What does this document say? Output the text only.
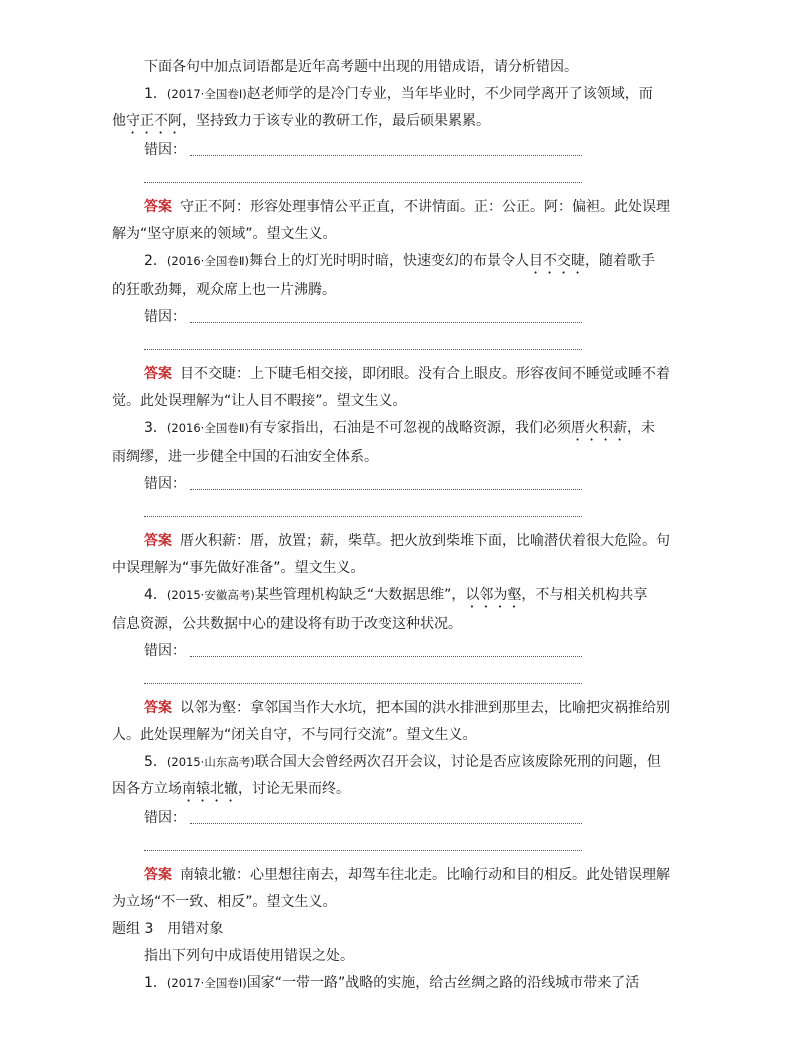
下面各句中加点词语都是近年高考题中出现的用错成语，请分析错因。
1．(2017·全国卷Ⅰ)赵老师学的是冷门专业，当年毕业时，不少同学离开了该领域，而
他守正不阿，坚持致力于该专业的教研工作，最后硕果累累。
错因：
答案 守正不阿：形容处理事情公平正直，不讲情面。正：公正。阿：偏袒。此处误理
解为“坚守原来的领域”。望文生义。
2．(2016·全国卷Ⅱ)舞台上的灯光时明时暗，快速变幻的布景令人目不交睫，随着歌手
的狂歌劲舞，观众席上也一片沸腾。
错因：
答案 目不交睫：上下睫毛相交接，即闭眼。没有合上眼皮。形容夜间不睡觉或睡不着
觉。此处误理解为“让人目不暇接”。望文生义。
3．(2016·全国卷Ⅱ)有专家指出，石油是不可忽视的战略资源，我们必须厝火积薪，未
雨绸缪，进一步健全中国的石油安全体系。
错因：
答案 厝火积薪：厝，放置；薪，柴草。把火放到柴堆下面，比喻潜伏着很大危险。句
中误理解为“事先做好准备”。望文生义。
4．(2015·安徽高考)某些管理机构缺乏“大数据思维”，以邻为壑，不与相关机构共享
信息资源，公共数据中心的建设将有助于改变这种状况。
错因：
答案 以邻为壑：拿邻国当作大水坑，把本国的洪水排泄到那里去，比喻把灾祸推给别
人。此处误理解为“闭关自守，不与同行交流”。望文生义。
5．(2015·山东高考)联合国大会曾经两次召开会议，讨论是否应该废除死刑的问题，但
因各方立场南辕北辙，讨论无果而终。
错因：
答案 南辕北辙：心里想往南去，却驾车往北走。比喻行动和目的相反。此处错误理解
为立场“不一致、相反”。望文生义。
题组 3　用错对象
指出下列句中成语使用错误之处。
1．(2017·全国卷Ⅰ)国家“一带一路”战略的实施，给古丝绸之路的沿线城市带来了活
